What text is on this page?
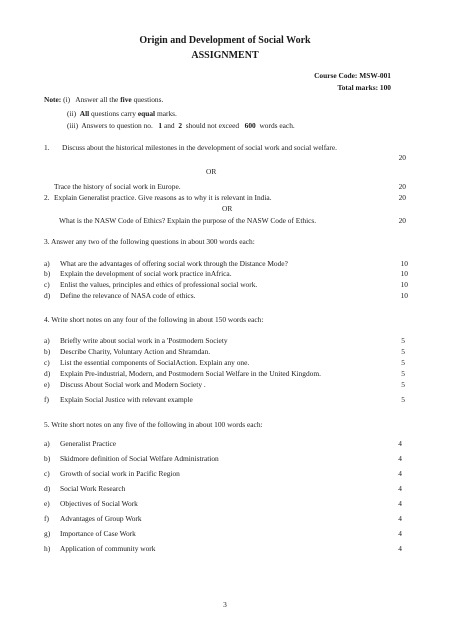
Origin and Development of Social Work
ASSIGNMENT
Course Code: MSW-001
Total marks: 100
Note: (i) Answer all the five questions.
(ii) All questions carry equal marks.
(iii) Answers to question no. 1 and 2 should not exceed 600 words each.
1. Discuss about the historical milestones in the development of social work and social welfare.
20
OR
Trace the history of social work in Europe.	20
2. Explain Generalist practice. Give reasons as to why it is relevant in India.	20
OR
What is the NASW Code of Ethics? Explain the purpose of the NASW Code of Ethics.	20
3. Answer any two of the following questions in about 300 words each:
a) What are the advantages of offering social work through the Distance Mode?	10
b) Explain the development of social work practice inAfrica.	10
c) Enlist the values, principles and ethics of professional social work.	10
d) Define the relevance of NASA code of ethics.	10
4. Write short notes on any four of the following in about 150 words each:
a) Briefly write about social work in a 'Postmodern Society	5
b) Describe Charity, Voluntary Action and Shramdan.	5
c) List the essential components of SocialAction. Explain any one.	5
d) Explain Pre-industrial, Modern, and Postmodern Social Welfare in the United Kingdom.	5
e) Discuss About Social work and Modern Society .	5
f) Explain Social Justice with relevant example	5
5. Write short notes on any five of the following in about 100 words each:
a) Generalist Practice	4
b) Skidmore definition of Social Welfare Administration	4
c) Growth of social work in Pacific Region	4
d) Social Work Research	4
e) Objectives of Social Work	4
f) Advantages of Group Work	4
g) Importance of Case Work	4
h) Application of community work	4
3
